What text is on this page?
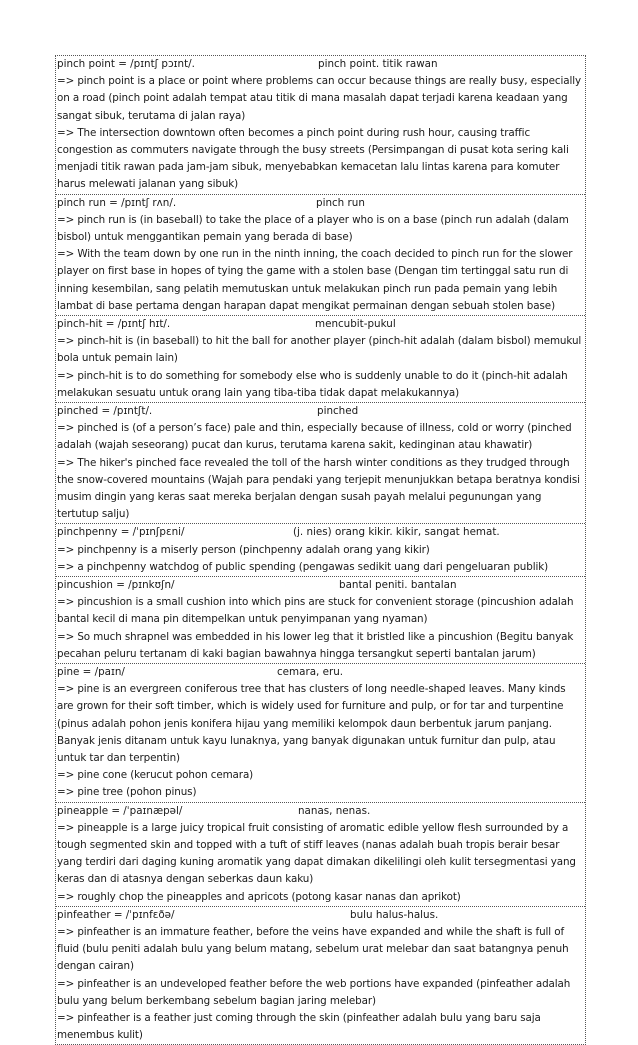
pinch point = /pɪntʃ pɔɪnt/.	pinch point. titik rawan
=> pinch point is a place or point where problems can occur because things are really busy, especially on a road (pinch point adalah tempat atau titik di mana masalah dapat terjadi karena keadaan yang sangat sibuk, terutama di jalan raya)
=> The intersection downtown often becomes a pinch point during rush hour, causing traffic congestion as commuters navigate through the busy streets (Persimpangan di pusat kota sering kali menjadi titik rawan pada jam-jam sibuk, menyebabkan kemacetan lalu lintas karena para komuter harus melewati jalanan yang sibuk)
pinch run = /pɪntʃ rʌn/.	pinch run
=> pinch run is (in baseball) to take the place of a player who is on a base (pinch run adalah (dalam bisbol) untuk menggantikan pemain yang berada di base)
=> With the team down by one run in the ninth inning, the coach decided to pinch run for the slower player on first base in hopes of tying the game with a stolen base (Dengan tim tertinggal satu run di inning kesembilan, sang pelatih memutuskan untuk melakukan pinch run pada pemain yang lebih lambat di base pertama dengan harapan dapat mengikat permainan dengan sebuah stolen base)
pinch-hit = /pɪntʃ hɪt/.	mencubit-pukul
=> pinch-hit is (in baseball) to hit the ball for another player (pinch-hit adalah (dalam bisbol) memukul bola untuk pemain lain)
=> pinch-hit is to do something for somebody else who is suddenly unable to do it (pinch-hit adalah melakukan sesuatu untuk orang lain yang tiba-tiba tidak dapat melakukannya)
pinched = /pɪntʃt/.	pinched
=> pinched is (of a person’s face) pale and thin, especially because of illness, cold or worry (pinched adalah (wajah seseorang) pucat dan kurus, terutama karena sakit, kedinginan atau khawatir)
=> The hiker's pinched face revealed the toll of the harsh winter conditions as they trudged through the snow-covered mountains (Wajah para pendaki yang terjepit menunjukkan betapa beratnya kondisi musim dingin yang keras saat mereka berjalan dengan susah payah melalui pegunungan yang tertutup salju)
pinchpenny = /ˈpɪnʃpɛni/	(j. nies) orang kikir. kikir, sangat hemat.
=> pinchpenny is a miserly person (pinchpenny adalah orang yang kikir)
=> a pinchpenny watchdog of public spending (pengawas sedikit uang dari pengeluaran publik)
pincushion = /pɪnkʊʃn/	bantal peniti. bantalan
=> pincushion is a small cushion into which pins are stuck for convenient storage (pincushion adalah bantal kecil di mana pin ditempelkan untuk penyimpanan yang nyaman)
=> So much shrapnel was embedded in his lower leg that it bristled like a pincushion (Begitu banyak pecahan peluru tertanam di kaki bagian bawahnya hingga tersangkut seperti bantalan jarum)
pine = /paɪn/	cemara, eru.
=> pine is an evergreen coniferous tree that has clusters of long needle-shaped leaves. Many kinds are grown for their soft timber, which is widely used for furniture and pulp, or for tar and turpentine (pinus adalah pohon jenis konifera hijau yang memiliki kelompok daun berbentuk jarum panjang. Banyak jenis ditanam untuk kayu lunaknya, yang banyak digunakan untuk furnitur dan pulp, atau untuk tar dan terpentin)
=> pine cone (kerucut pohon cemara)
=> pine tree (pohon pinus)
pineapple = /ˈpaɪnæpəl/	nanas, nenas.
=> pineapple is a large juicy tropical fruit consisting of aromatic edible yellow flesh surrounded by a tough segmented skin and topped with a tuft of stiff leaves (nanas adalah buah tropis berair besar yang terdiri dari daging kuning aromatik yang dapat dimakan dikelilingi oleh kulit tersegmentasi yang keras dan di atasnya dengan seberkas daun kaku)
=> roughly chop the pineapples and apricots (potong kasar nanas dan aprikot)
pinfeather = /ˈpɪnfɛðə/	bulu halus-halus.
=> pinfeather is an immature feather, before the veins have expanded and while the shaft is full of fluid (bulu peniti adalah bulu yang belum matang, sebelum urat melebar dan saat batangnya penuh dengan cairan)
=> pinfeather is an undeveloped feather before the web portions have expanded (pinfeather adalah bulu yang belum berkembang sebelum bagian jaring melebar)
=> pinfeather is a feather just coming through the skin (pinfeather adalah bulu yang baru saja menembus kulit)
